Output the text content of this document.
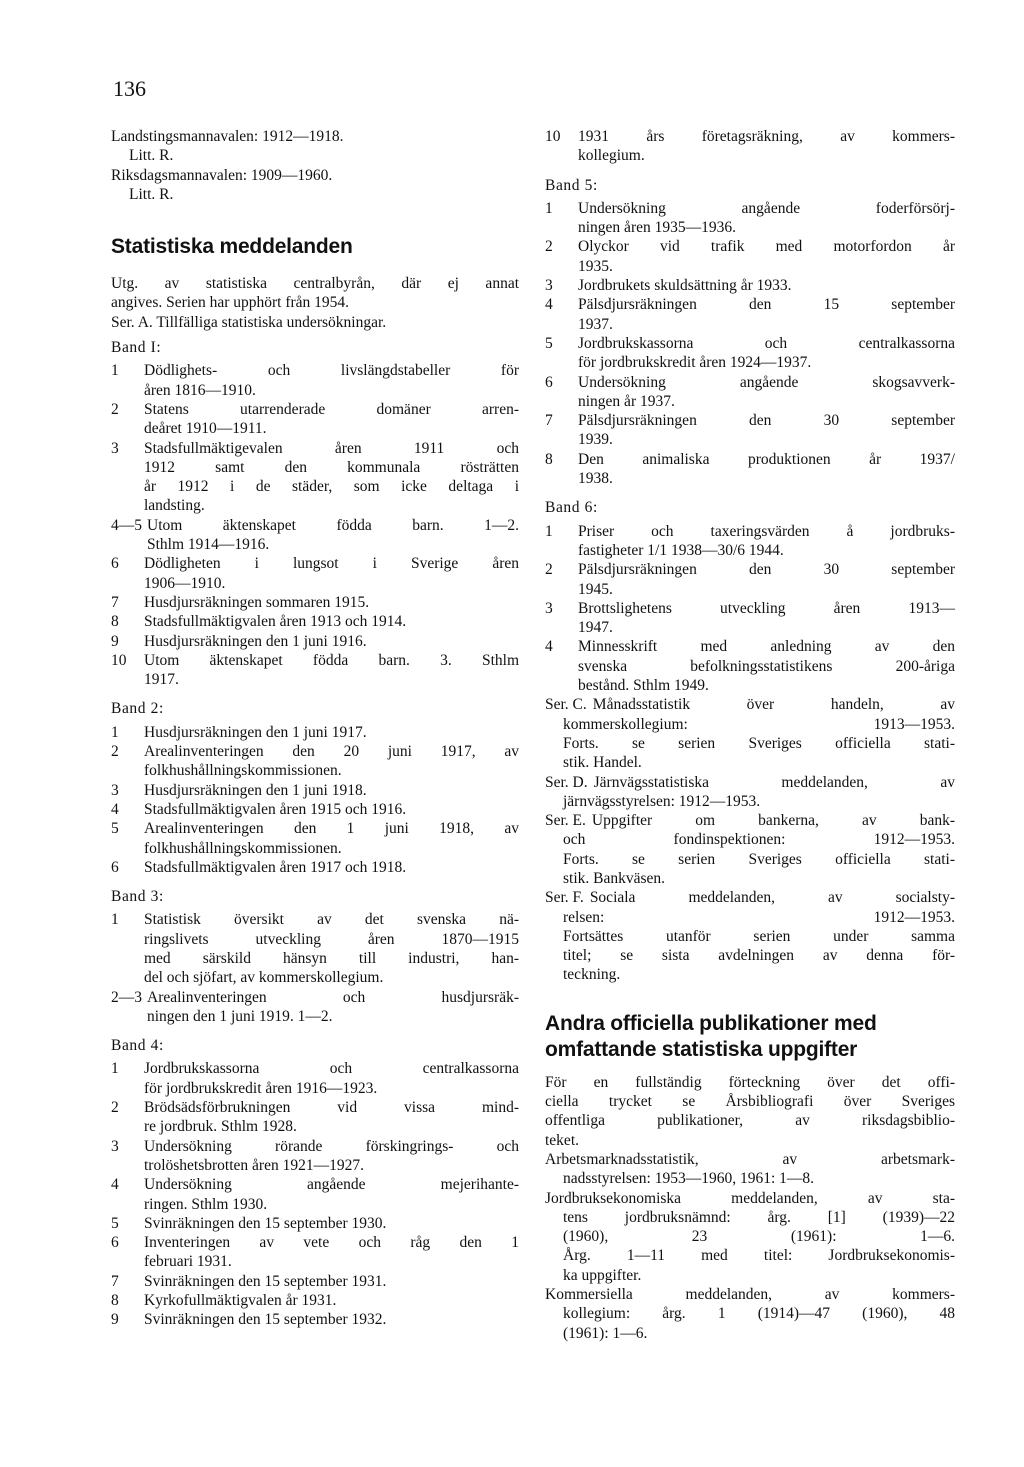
136
Landstingsmannavalen: 1912—1918.
Litt. R.
Riksdagsmannavalen: 1909—1960.
Litt. R.
Statistiska meddelanden
Utg. av statistiska centralbyrån, där ej annat
angives. Serien har upphört från 1954.
Ser. A. Tillfälliga statistiska undersökningar.
Band I:
1	Dödlighets- och livslängdstabeller för
åren 1816—1910.
2	Statens utarrenderade domäner arren-
deåret 1910—1911.
3	Stadsfullmäktigevalen åren 1911 och
1912 samt den kommunala rösträtten
år 1912 i de städer, som icke deltaga i
landsting.
4—5 Utom äktenskapet födda barn. 1—2.
Sthlm 1914—1916.
6	Dödligheten i lungsot i Sverige åren
1906—1910.
7	Husdjursräkningen sommaren 1915.
8	Stadsfullmäktigvalen åren 1913 och 1914.
9	Husdjursräkningen den 1 juni 1916.
10	Utom äktenskapet födda barn. 3. Sthlm
1917.
Band 2:
1	Husdjursräkningen den 1 juni 1917.
2	Arealinventeringen den 20 juni 1917, av
folkhushållningskommissionen.
3	Husdjursräkningen den 1 juni 1918.
4	Stadsfullmäktigvalen åren 1915 och 1916.
5	Arealinventeringen den 1 juni 1918, av
folkhushållningskommissionen.
6	Stadsfullmäktigvalen åren 1917 och 1918.
Band 3:
1	Statistisk översikt av det svenska nä-
ringslivets utveckling åren 1870—1915
med särskild hänsyn till industri, han-
del och sjöfart, av kommerskollegium.
2—3 Arealinventeringen och husdjursräk-
ningen den 1 juni 1919. 1—2.
Band 4:
1	Jordbrukskassorna och centralkassorna
för jordbrukskredit åren 1916—1923.
2	Brödsädsförbrukningen vid vissa mind-
re jordbruk. Sthlm 1928.
3	Undersökning rörande förskingrings- och
trolöshetsbrotten åren 1921—1927.
4	Undersökning angående mejerihante-
ringen. Sthlm 1930.
5	Svinräkningen den 15 september 1930.
6	Inventeringen av vete och råg den 1
februari 1931.
7	Svinräkningen den 15 september 1931.
8	Kyrkofullmäktigvalen år 1931.
9	Svinräkningen den 15 september 1932.
10	1931 års företagsräkning, av kommers-
kollegium.
Band 5:
1	Undersökning angående foderförsörj-
ningen åren 1935—1936.
2	Olyckor vid trafik med motorfordon år
1935.
3	Jordbrukets skuldsättning år 1933.
4	Pälsdjursräkningen den 15 september
1937.
5	Jordbrukskassorna och centralkassorna
för jordbrukskredit åren 1924—1937.
6	Undersökning angående skogsavverk-
ningen år 1937.
7	Pälsdjursräkningen den 30 september
1939.
8	Den animaliska produktionen år 1937/
1938.
Band 6:
1	Priser och taxeringsvärden å jordbruks-
fastigheter 1/1 1938—30/6 1944.
2	Pälsdjursräkningen den 30 september
1945.
3	Brottslighetens utveckling åren 1913—
1947.
4	Minnesskrift med anledning av den
svenska befolkningsstatistikens 200-åriga
bestånd. Sthlm 1949.
Ser. C. Månadsstatistik över handeln, av
kommerskollegium: 1913—1953.
Forts. se serien Sveriges officiella stati-
stik. Handel.
Ser. D. Järnvägsstatistiska meddelanden, av
järnvägsstyrelsen: 1912—1953.
Ser. E. Uppgifter om bankerna, av bank-
och fondinspektionen: 1912—1953.
Forts. se serien Sveriges officiella stati-
stik. Bankväsen.
Ser. F. Sociala meddelanden, av socialsty-
relsen: 1912—1953.
Fortsättes utanför serien under samma
titel; se sista avdelningen av denna för-
teckning.
Andra officiella publikationer med
omfattande statistiska uppgifter
För en fullständig förteckning över det offi-
ciella trycket se Årsbibliografi över Sveriges
offentliga publikationer, av riksdagsbiblio-
teket.
Arbetsmarknadsstatistik, av arbetsmark-
nadsstyrelsen: 1953—1960, 1961: 1—8.
Jordbruksekonomiska meddelanden, av sta-
tens jordbruksnämnd: årg. [1] (1939)—22
(1960), 23 (1961): 1—6.
Årg. 1—11 med titel: Jordbruksekonomis-
ka uppgifter.
Kommersiella meddelanden, av kommers-
kollegium: årg. 1 (1914)—47 (1960), 48
(1961): 1—6.
